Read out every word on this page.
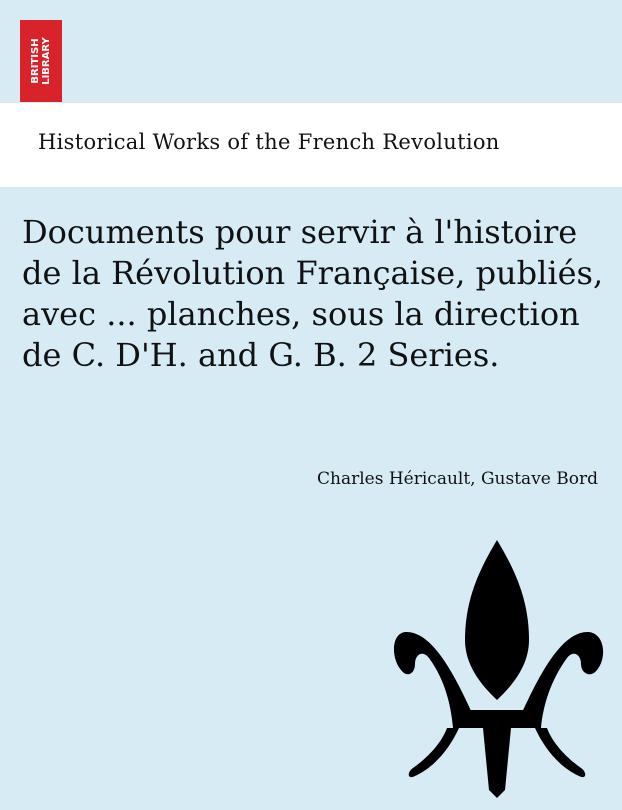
BRITISH LIBRARY
Historical Works of the French Revolution
Documents pour servir à l'histoire de la Révolution Française, publiés, avec ... planches, sous la direction de C. D'H. and G. B. 2 Series.
Charles Héricault, Gustave Bord
